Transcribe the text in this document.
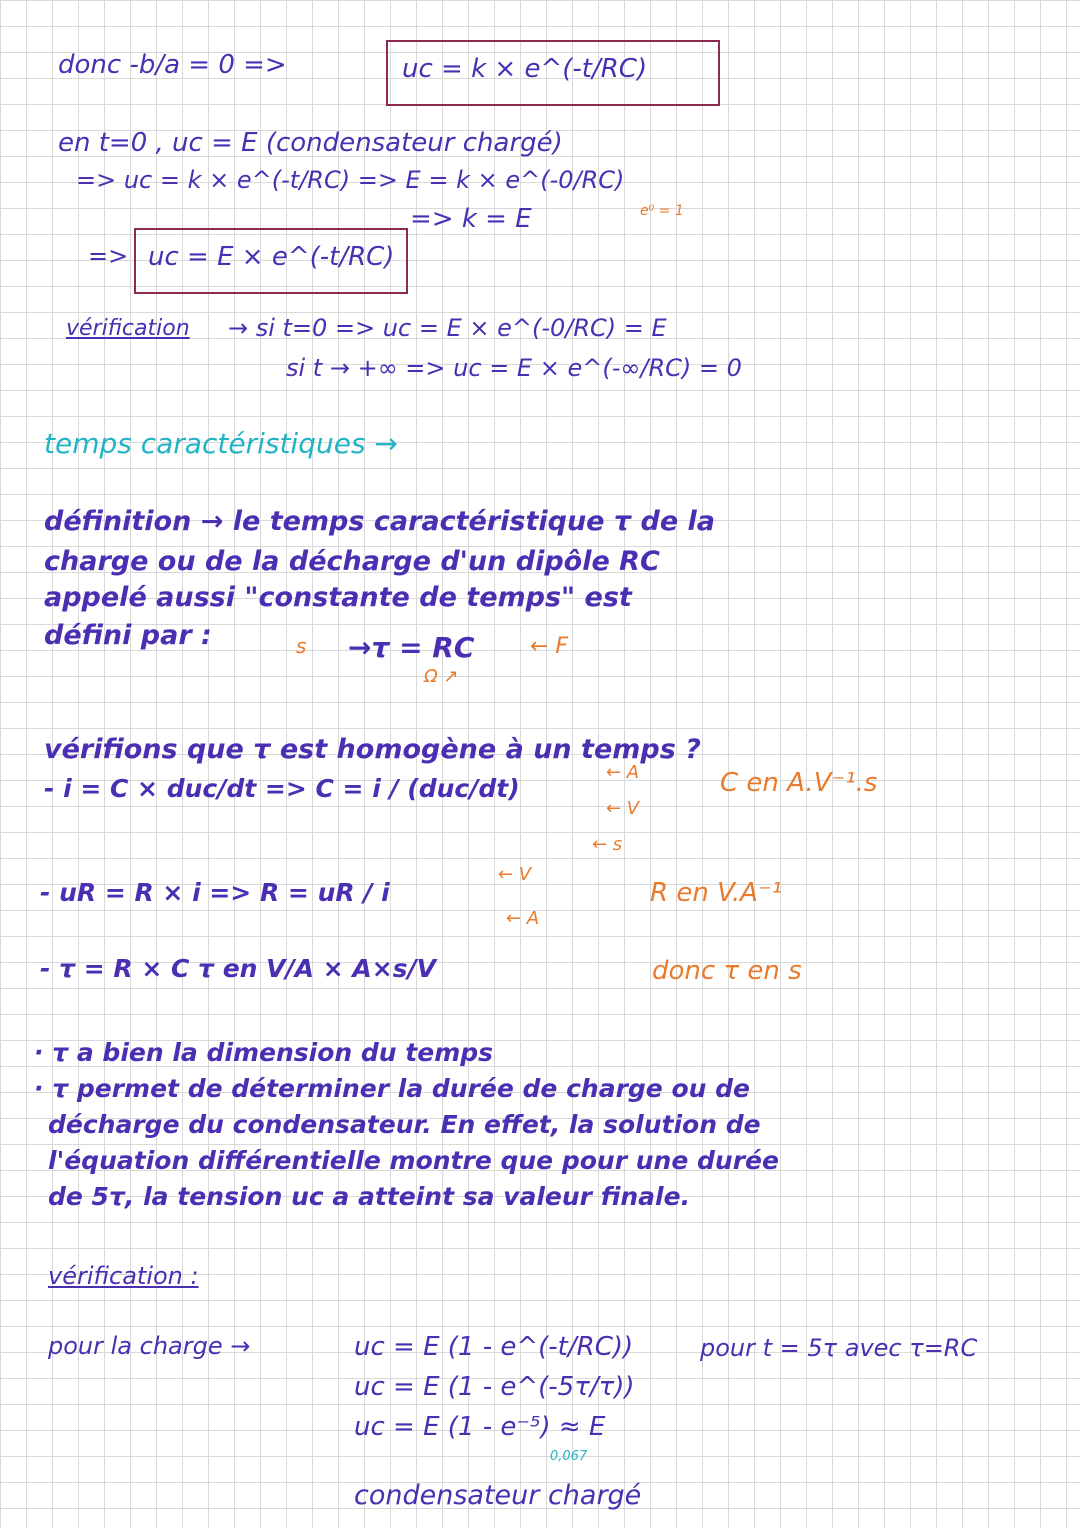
donc -b/a = 0 =>	uc = k × e^(-t/RC)
en t=0 , uc = E (condensateur chargé)
=> uc = k × e^(-t/RC) => E = k × e^(-0/RC)
e⁰ = 1
=> k = E
=> uc = E × e^(-t/RC)
vérification → si t=0 => uc = E × e^(-0/RC) = E
si t → +∞ => uc = E × e^(-∞/RC) = 0
temps caractéristiques →
définition → le temps caractéristique τ de la
charge ou de la décharge d'un dipôle RC
appelé aussi "constante de temps" est
défini par :	s →τ = RC	← F
Ω ↗
vérifions que τ est homogène à un temps ?
- i = C × duc/dt => C = i / (duc/dt)	C en A.V⁻¹.s
← A
← V
← s
- uR = R × i => R = uR / i	R en V.A⁻¹
← V
← A
- τ = R × C τ en V/A × A×s/V	donc τ en s
· τ a bien la dimension du temps
· τ permet de déterminer la durée de charge ou de
décharge du condensateur. En effet, la solution de
l'équation différentielle montre que pour une durée
de 5τ, la tension uc a atteint sa valeur finale.
vérification :
pour la charge →	uc = E (1 - e^(-t/RC))	pour t = 5τ avec τ=RC
uc = E (1 - e^(-5τ/τ))
uc = E (1 - e⁻⁵) ≈ E
0,067
condensateur chargé
